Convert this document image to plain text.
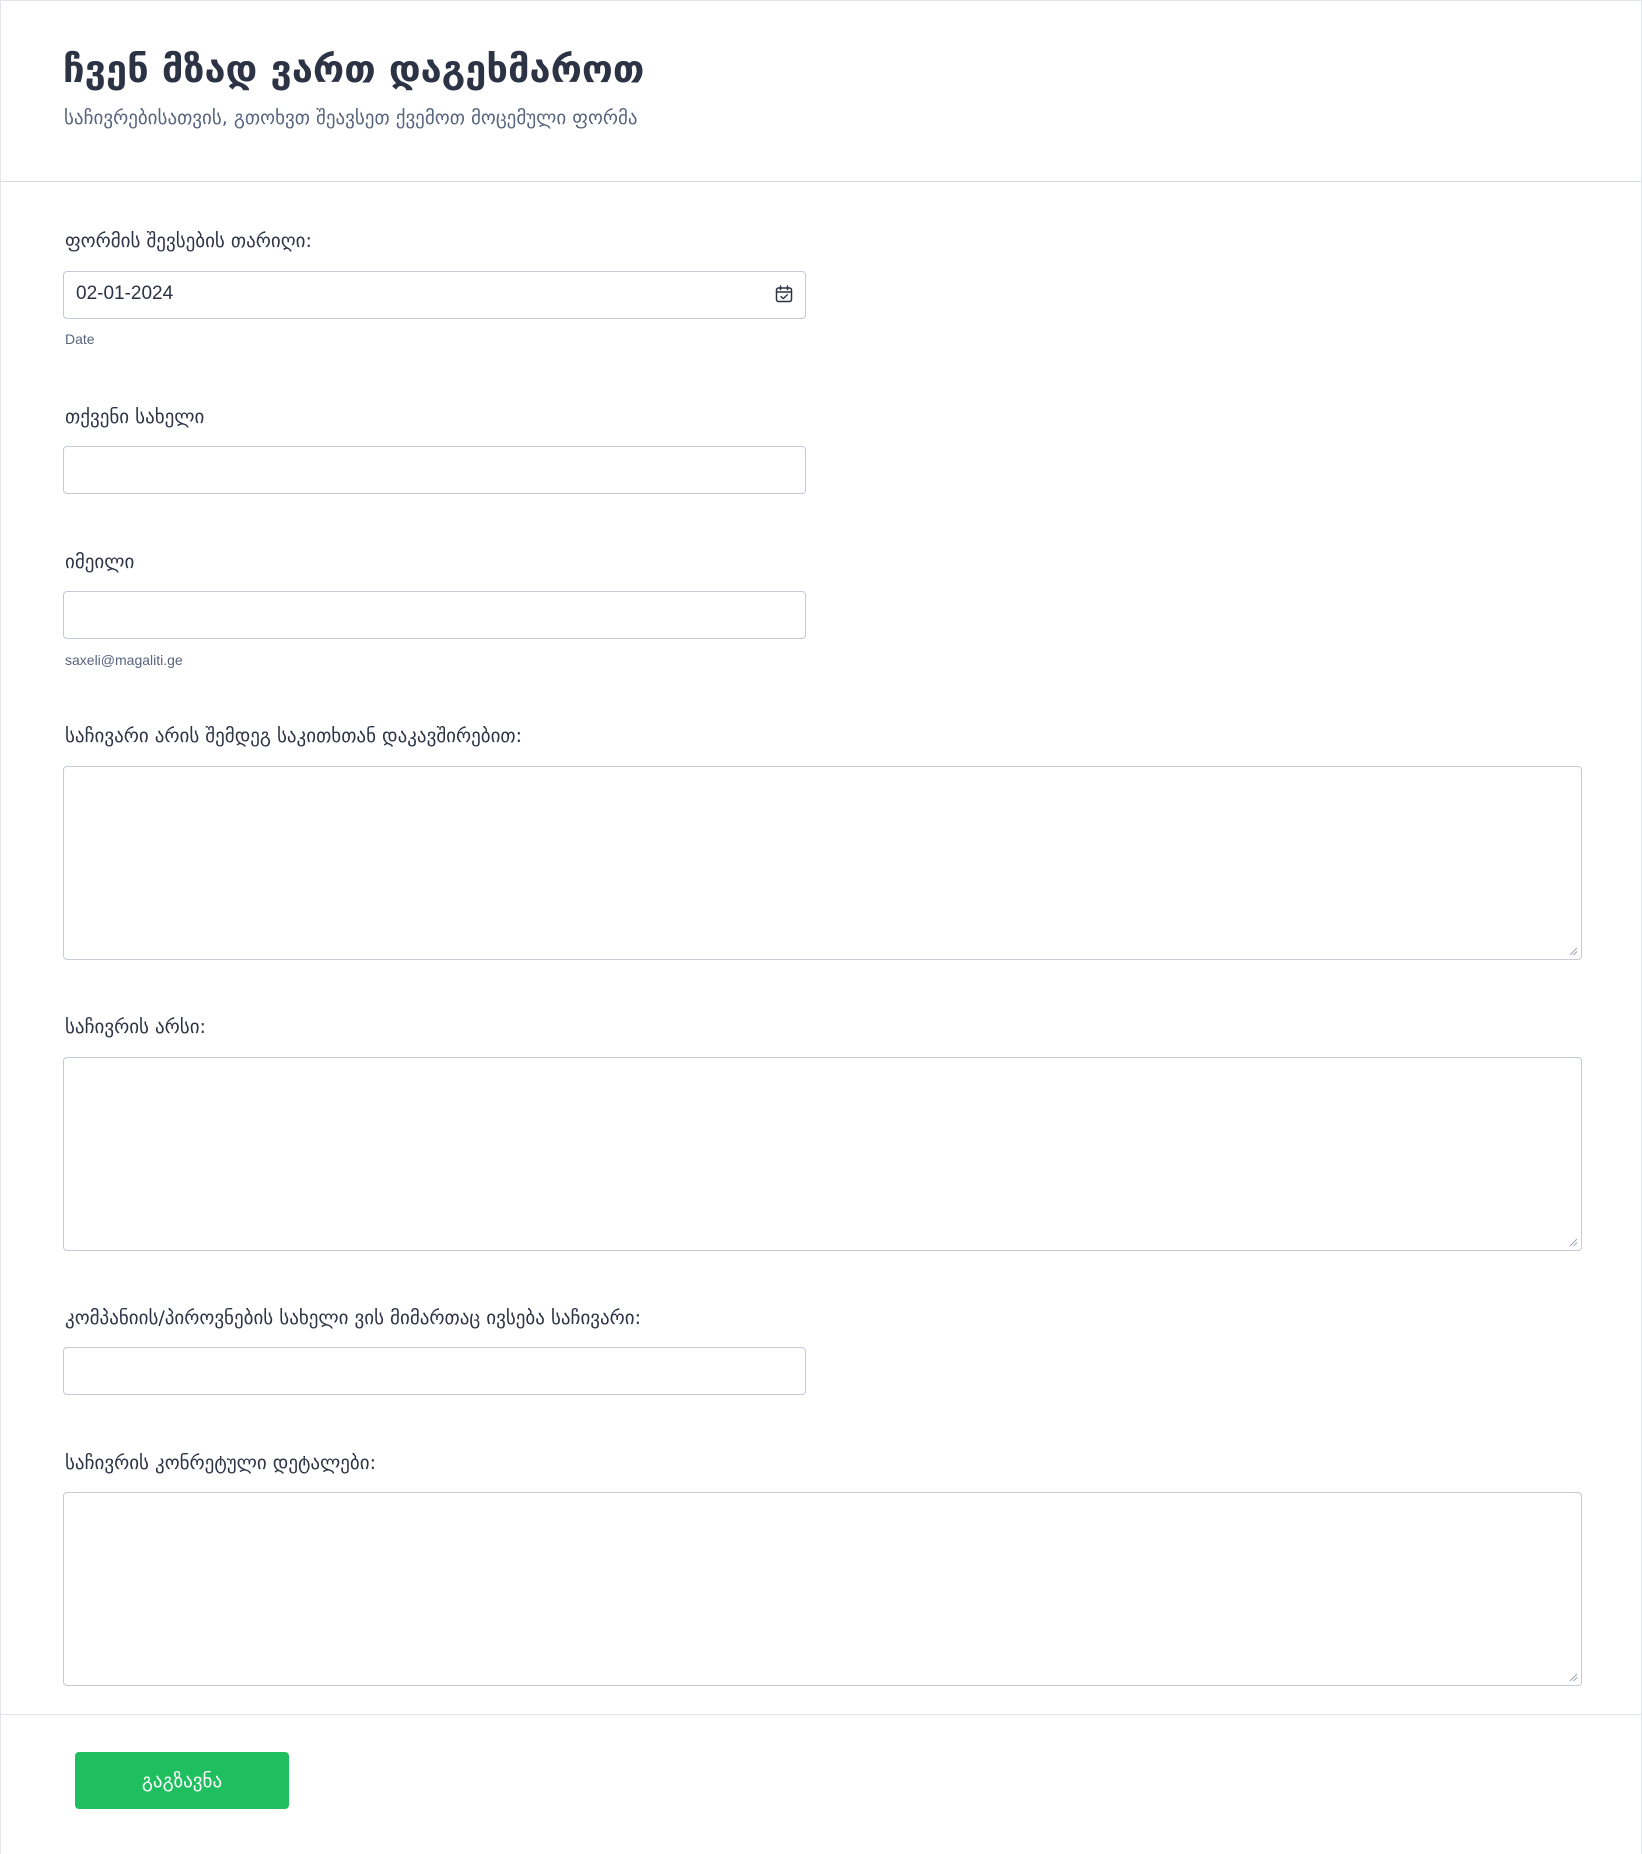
ჩვენ მზად ვართ დაგეხმაროთ

საჩივრებისათვის, გთოხვთ შეავსეთ ქვემოთ მოცემული ფორმა

ფორმის შევსების თარიღი:
02-01-2024
Date
თქვენი სახელი
იმეილი
saxeli@magaliti.ge
საჩივარი არის შემდეგ საკითხთან დაკავშირებით:
საჩივრის არსი:
კომპანიის/პიროვნების სახელი ვის მიმართაც ივსება საჩივარი:
საჩივრის კონრეტული დეტალები:
გაგზავნა
